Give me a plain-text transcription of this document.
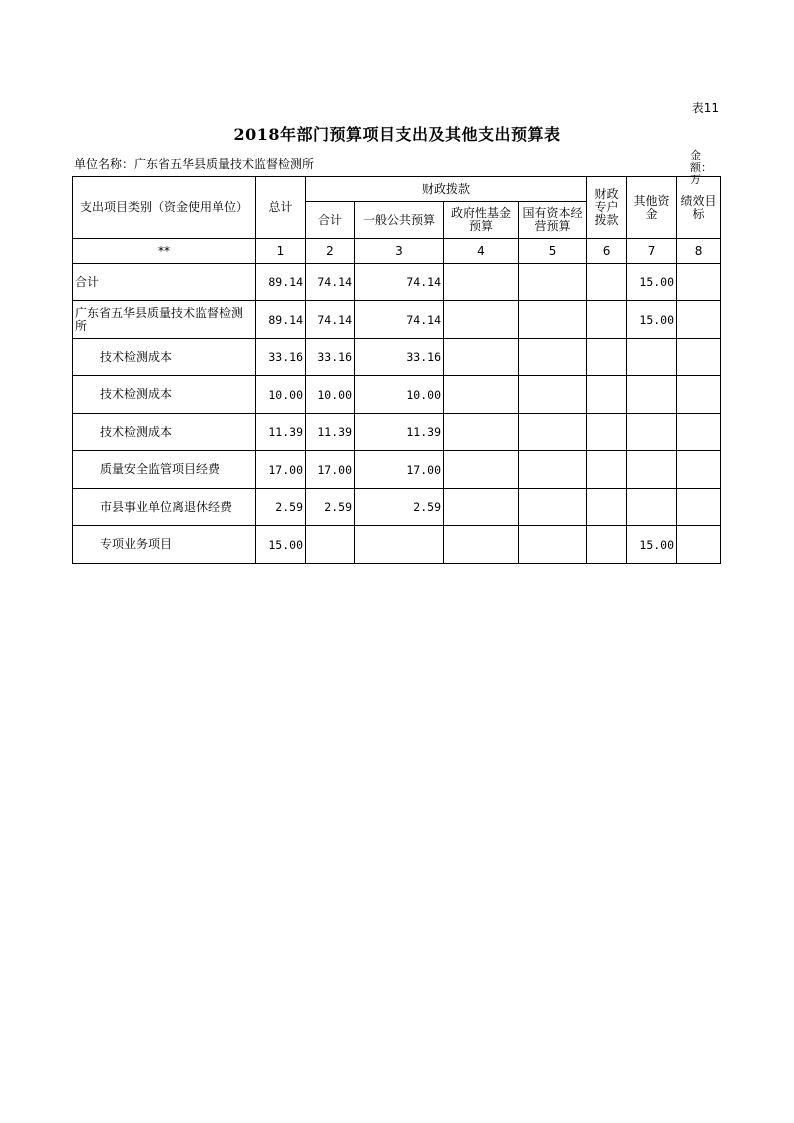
表11
2018年部门预算项目支出及其他支出预算表
单位名称：广东省五华县质量技术监督检测所
金额：万
支出项目类别（资金使用单位）	总计	财政拨款				财政专户拨款	其他资金	绩效目标
		合计	一般公共预算	政府性基金预算	国有资本经营预算			
**	1	2	3	4	5	6	7	8
合计	89.14	74.14	74.14				15.00	
广东省五华县质量技术监督检测所	89.14	74.14	74.14				15.00	
技术检测成本	33.16	33.16	33.16					
技术检测成本	10.00	10.00	10.00					
技术检测成本	11.39	11.39	11.39					
质量安全监管项目经费	17.00	17.00	17.00					
市县事业单位离退休经费	2.59	2.59	2.59					
专项业务项目	15.00						15.00	
